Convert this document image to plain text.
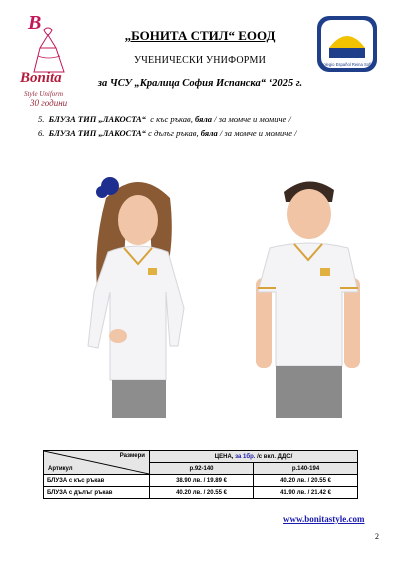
B
Bonita
Style Uniform
30 години
Colegio Español Reina Sofía
„БОНИТА СТИЛ“ ЕООД
УЧЕНИЧЕСКИ УНИФОРМИ
за ЧСУ „Кралица София Испанска“ ‘2025 г.
5. БЛУЗА ТИП „ЛАКОСТА“ с къс ръкав, бяла / за момче и момиче /
6. БЛУЗА ТИП „ЛАКОСТА“ с дълъг ръкав, бяла / за момче и момиче /
Размери
Артикул	ЦЕНА, за 1бр. /с вкл. ДДС/	
	р.92-140	р.140-194
БЛУЗА с къс ръкав	38.90 лв. / 19.89 €	40.20 лв. / 20.55 €
БЛУЗА с дълъг ръкав	40.20 лв. / 20.55 €	41.90 лв. / 21.42 €
www.bonitastyle.com
2
